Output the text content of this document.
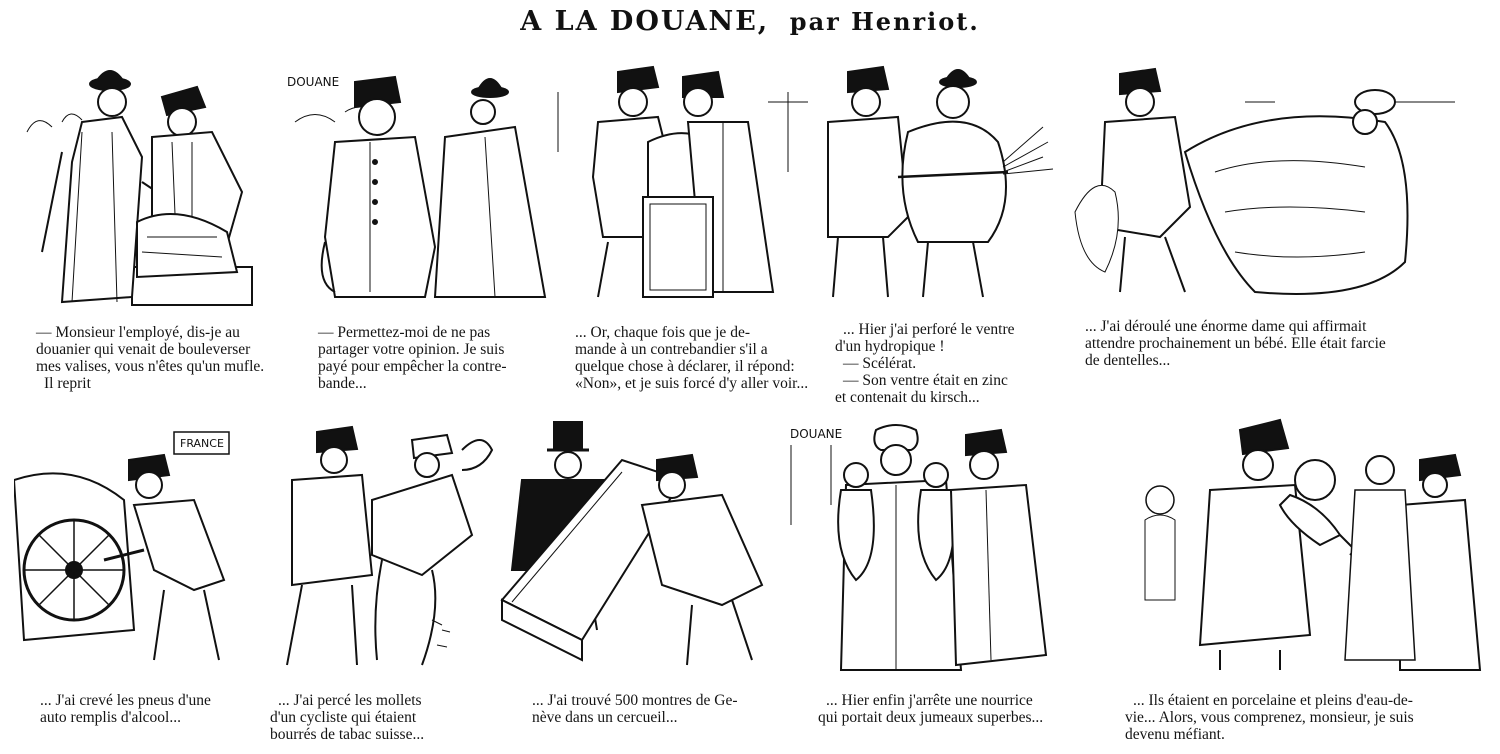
A LA DOUANE, par Henriot.
— Monsieur l'employé, dis-je au
douanier qui venait de bouleverser
mes valises, vous n'êtes qu'un mufle.
Il reprit
DOUANE
— Permettez-moi de ne pas
partager votre opinion. Je suis
payé pour empêcher la contre-
bande...
... Or, chaque fois que je de-
mande à un contrebandier s'il a
quelque chose à déclarer, il répond:
«Non», et je suis forcé d'y aller voir...
... Hier j'ai perforé le ventre
d'un hydropique !
— Scélérat.
— Son ventre était en zinc
et contenait du kirsch...
... J'ai déroulé une énorme dame qui affirmait
attendre prochainement un bébé. Elle était farcie
de dentelles...
FRANCE
... J'ai crevé les pneus d'une
auto remplis d'alcool...
... J'ai percé les mollets
d'un cycliste qui étaient
bourrés de tabac suisse...
... J'ai trouvé 500 montres de Ge-
nève dans un cercueil...
DOUANE
... Hier enfin j'arrête une nourrice
qui portait deux jumeaux superbes...
... Ils étaient en porcelaine et pleins d'eau-de-
vie... Alors, vous comprenez, monsieur, je suis
devenu méfiant.
